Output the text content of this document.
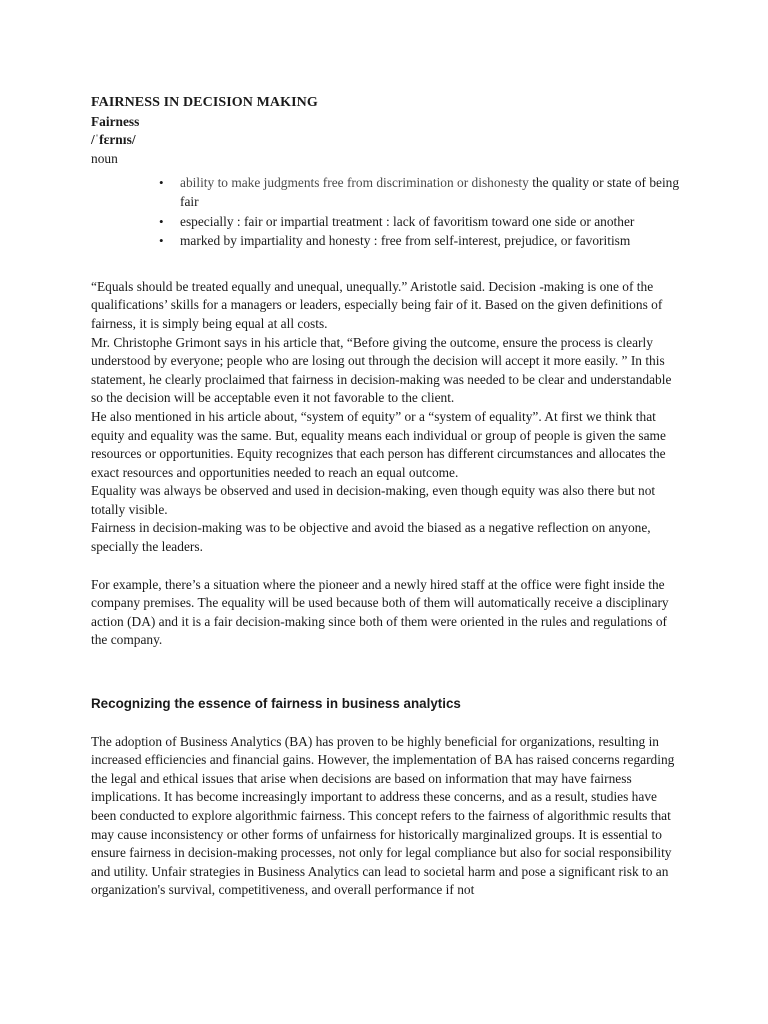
FAIRNESS IN DECISION MAKING

Fairness

/ˈfɛrnɪs/

noun

• ability to make judgments free from discrimination or dishonesty the quality or state of being fair
• especially : fair or impartial treatment : lack of favoritism toward one side or another
• marked by impartiality and honesty : free from self-interest, prejudice, or favoritism

“Equals should be treated equally and unequal, unequally.” Aristotle said. Decision -making is one of the qualifications’ skills for a managers or leaders, especially being fair of it. Based on the given definitions of fairness, it is simply being equal at all costs.

Mr. Christophe Grimont says in his article that, “Before giving the outcome, ensure the process is clearly understood by everyone; people who are losing out through the decision will accept it more easily. ” In this statement, he clearly proclaimed that fairness in decision-making was needed to be clear and understandable so the decision will be acceptable even it not favorable to the client.

He also mentioned in his article about, “system of equity” or a “system of equality”. At first we think that equity and equality was the same. But, equality means each individual or group of people is given the same resources or opportunities. Equity recognizes that each person has different circumstances and allocates the exact resources and opportunities needed to reach an equal outcome.

Equality was always be observed and used in decision-making, even though equity was also there but not totally visible.

Fairness in decision-making was to be objective and avoid the biased as a negative reflection on anyone, specially the leaders.

For example, there’s a situation where the pioneer and a newly hired staff at the office were fight inside the company premises. The equality will be used because both of them will automatically receive a disciplinary action (DA) and it is a fair decision-making since both of them were oriented in the rules and regulations of the company.

Recognizing the essence of fairness in business analytics

The adoption of Business Analytics (BA) has proven to be highly beneficial for organizations, resulting in increased efficiencies and financial gains. However, the implementation of BA has raised concerns regarding the legal and ethical issues that arise when decisions are based on information that may have fairness implications. It has become increasingly important to address these concerns, and as a result, studies have been conducted to explore algorithmic fairness. This concept refers to the fairness of algorithmic results that may cause inconsistency or other forms of unfairness for historically marginalized groups. It is essential to ensure fairness in decision-making processes, not only for legal compliance but also for social responsibility and utility. Unfair strategies in Business Analytics can lead to societal harm and pose a significant risk to an organization's survival, competitiveness, and overall performance if not
